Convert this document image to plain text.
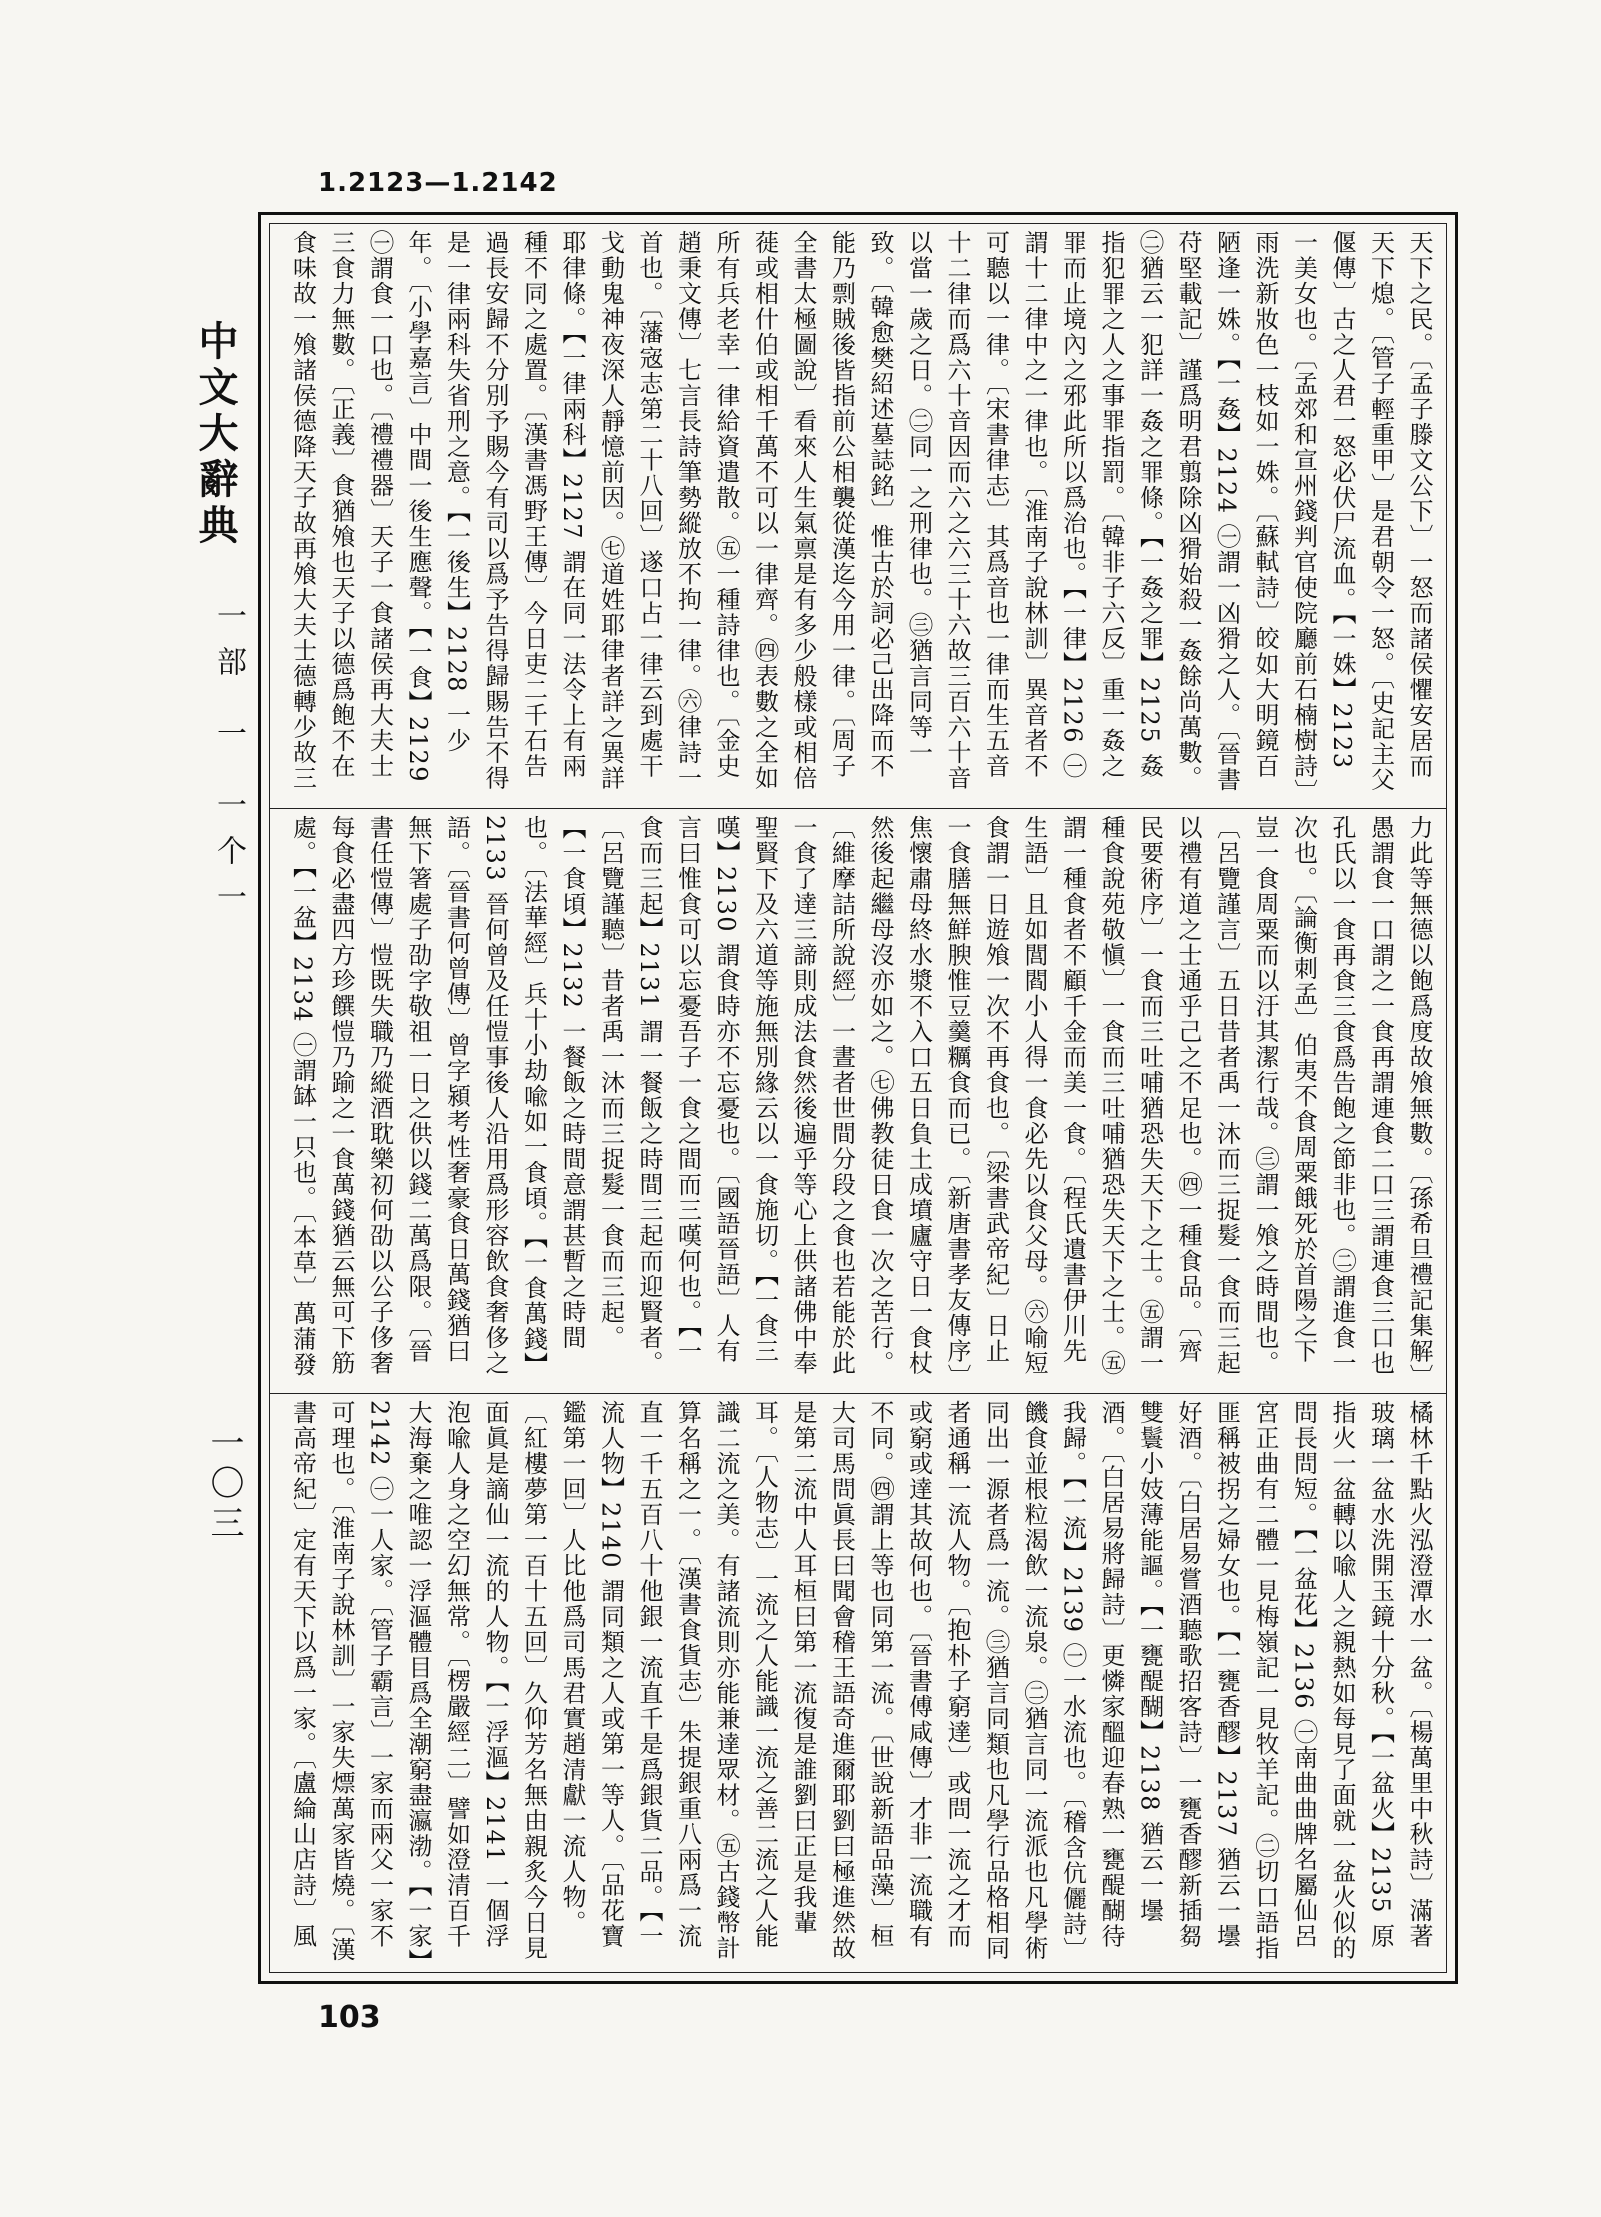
1.2123—1.2142
中文大辭典
一部 一 一个一
一〇三
天下之民。〔孟子滕文公下〕一怒而諸侯懼安居而天下熄。〔管子輕重甲〕是君朝令一怒。〔史記主父偃傳〕古之人君一怒必伏尸流血。【一姝】2123 一美女也。〔孟郊和宣州錢判官使院廳前石楠樹詩〕雨洗新妝色一枝如一姝。〔蘇軾詩〕皎如大明鏡百陋逢一姝。【一姦】2124 ㊀謂一凶猾之人。〔晉書苻堅載記〕謹爲明君翦除凶猾始殺一姦餘尚萬數。㊁猶云一犯詳一姦之罪條。【一姦之罪】2125 姦指犯罪之人之事罪指罰。〔韓非子六反〕重一姦之罪而止境內之邪此所以爲治也。【一律】2126 ㊀謂十二律中之一律也。〔淮南子說林訓〕異音者不可聽以一律。〔宋書律志〕其爲音也一律而生五音十二律而爲六十音因而六之六三十六故三百六十音以當一歲之日。㊁同一之刑律也。㊂猶言同等一致。〔韓愈樊紹述墓誌銘〕惟古於詞必己出降而不能乃剽賊後皆指前公相襲從漢迄今用一律。〔周子全書太極圖說〕看來人生氣禀是有多少般樣或相倍蓰或相什伯或相千萬不可以一律齊。㊃表數之全如所有兵老幸一律給資遣散。㊄一種詩律也。〔金史趙秉文傳〕七言長詩筆勢縱放不拘一律。㊅律詩一首也。〔藩宼志第二十八回〕遂口占一律云到處干戈動鬼神夜深人靜憶前因。㊆道姓耶律者詳之異詳耶律條。【一律兩科】2127 謂在同一法令上有兩種不同之處置。〔漢書馮野王傳〕今日吏二千石告過長安歸不分別予賜今有司以爲予告得歸賜告不得是一律兩科失省刑之意。【一後生】2128 一少年。〔小學嘉言〕中間一後生應聲。【一食】2129 ㊀謂食一口也。〔禮禮器〕天子一食諸侯再大夫士三食力無數。〔正義〕食猶飧也天子以德爲飽不在食味故一飧諸侯德降天子故再飧大夫士德轉少故三
力此等無德以飽爲度故飧無數。〔孫希旦禮記集解〕愚謂食一口謂之一食再謂連食二口三謂連食三口也孔氏以一食再食三食爲告飽之節非也。㊁謂進食一次也。〔論衡刺孟〕伯夷不食周粟餓死於首陽之下豈一食周粟而以汙其潔行哉。㊂謂一飧之時間也。〔呂覽謹言〕五日昔者禹一沐而三捉髮一食而三起以禮有道之士通乎己之不足也。㊃一種食品。〔齊民要術序〕一食而三吐哺猶恐失天下之士。㊄謂一種食說苑敬愼〕一食而三吐哺猶恐失天下之士。㊄謂一種食者不顧千金而美一食。〔程氏遺書伊川先生語〕且如閭閻小人得一食必先以食父母。㊅喻短食謂一日遊飧一次不再食也。〔梁書武帝紀〕日止一食膳無鮮腴惟豆羹糲食而已。〔新唐書孝友傳序〕焦懷肅母終水漿不入口五日負土成墳廬守日一食杖然後起繼母沒亦如之。㊆佛教徒日食一次之苦行。〔維摩詰所說經〕一晝者世間分段之食也若能於此一食了達三諦則成法食然後遍乎等心上供諸佛中奉聖賢下及六道等施無別緣云以一食施切。【一食三嘆】2130 謂食時亦不忘憂也。〔國語晉語〕人有言曰惟食可以忘憂吾子一食之間而三嘆何也。【一食而三起】2131 謂一餐飯之時間三起而迎賢者。〔呂覽謹聽〕昔者禹一沐而三捉髮一食而三起。【一食頃】2132 一餐飯之時間意謂甚暫之時間也。〔法華經〕兵十小劫喩如一食頃。【一食萬錢】2133 晉何曾及任愷事後人沿用爲形容飲食奢侈之語。〔晉書何曾傳〕曾字潁考性奢豪食日萬錢猶曰無下箸處子劭字敬祖一日之供以錢二萬爲限。〔晉書任愷傳〕愷既失職乃縱酒耽樂初何劭以公子侈奢每食必盡四方珍饌愷乃踰之一食萬錢猶云無可下筋處。【一盆】2134 ㊀謂缽一只也。〔本草〕萬蒲發
橘林千點火泓澄潭水一盆。〔楊萬里中秋詩〕滿著玻璃一盆水洗開玉鏡十分秋。【一盆火】2135 原指火一盆轉以喩人之親熱如每見了面就一盆火似的問長問短。【一盆花】2136 ㊀南曲曲牌名屬仙呂宮正曲有二體一見梅嶺記一見牧羊記。㊁切口語指匪稱被拐之婦女也。【一甕香醪】2137 猶云一壜好酒。〔白居易嘗酒聽歌招客詩〕一甕香醪新插芻雙鬟小妓薄能謳。【一甕醍醐】2138 猶云一壜酒。〔白居易將歸詩〕更憐家醞迎春熟一甕醍醐待我歸。【一流】2139 ㊀一水流也。〔稽含伉儷詩〕饑食並根粒渴飲一流泉。㊁猶言同一流派也凡學術同出一源者爲一流。㊂猶言同類也凡學行品格相同者通稱一流人物。〔抱朴子窮達〕或問一流之才而或窮或達其故何也。〔晉書傅咸傳〕才非一流職有不同。㊃謂上等也同第一流。〔世說新語品藻〕桓大司馬問眞長曰聞會稽王語奇進爾耶劉曰極進然故是第二流中人耳桓曰第一流復是誰劉曰正是我輩耳。〔人物志〕一流之人能識一流之善二流之人能識二流之美。有諸流則亦能兼達眾材。㊄古錢幣計算名稱之一。〔漢書食貨志〕朱提銀重八兩爲一流直一千五百八十他銀一流直千是爲銀貨二品。【一流人物】2140 謂同類之人或第一等人。〔品花寶鑑第一回〕人比他爲司馬君實趙清獻一流人物。〔紅樓夢第一百十五回〕久仰芳名無由親炙今日見面眞是謫仙一流的人物。【一浮漚】2141 一個浮泡喩人身之空幻無常。〔楞嚴經二〕譬如澄清百千大海棄之唯認一浮漚體目爲全潮窮盡瀛渤。【一家】2142 ㊀一人家。〔管子霸言〕一家而兩父一家不可理也。〔淮南子說林訓〕一家失熛萬家皆燒。〔漢書高帝紀〕定有天下以爲一家。〔盧綸山店詩〕風
103
